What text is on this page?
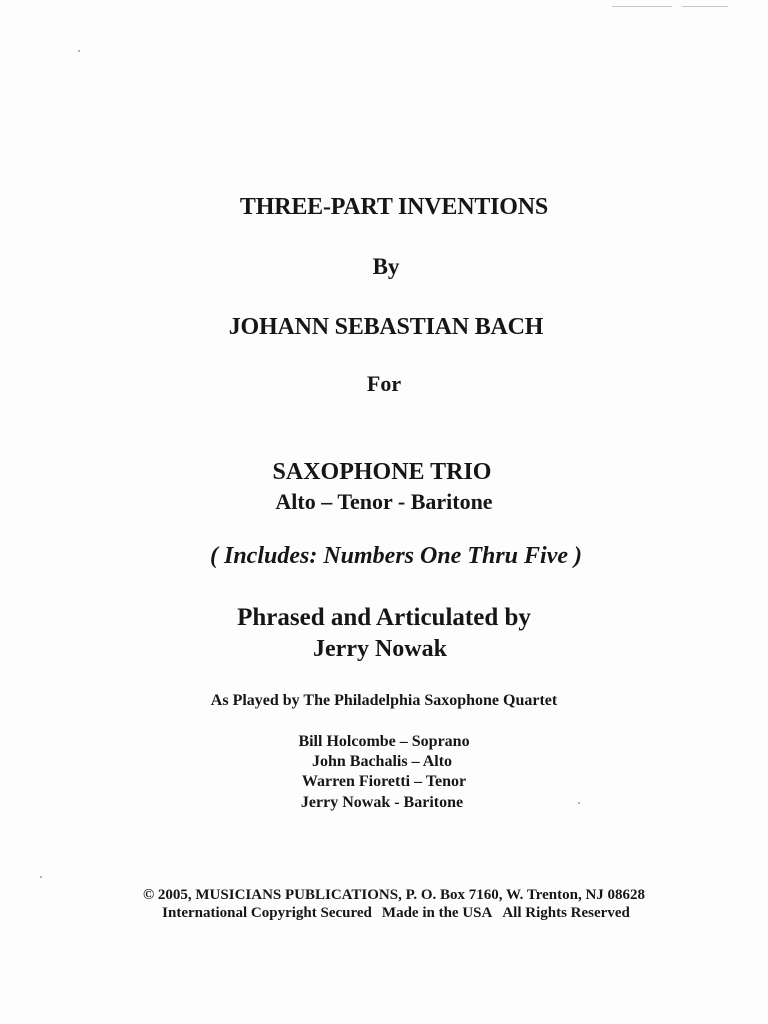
THREE-PART INVENTIONS
By
JOHANN SEBASTIAN BACH
For
SAXOPHONE TRIO
Alto – Tenor - Baritone
( Includes: Numbers One Thru Five )
Phrased and Articulated by
Jerry Nowak
As Played by The Philadelphia Saxophone Quartet
Bill Holcombe – Soprano
John Bachalis – Alto
Warren Fioretti – Tenor
Jerry Nowak - Baritone
© 2005, MUSICIANS PUBLICATIONS, P. O. Box 7160, W. Trenton, NJ 08628
International Copyright Secured Made in the USA All Rights Reserved
